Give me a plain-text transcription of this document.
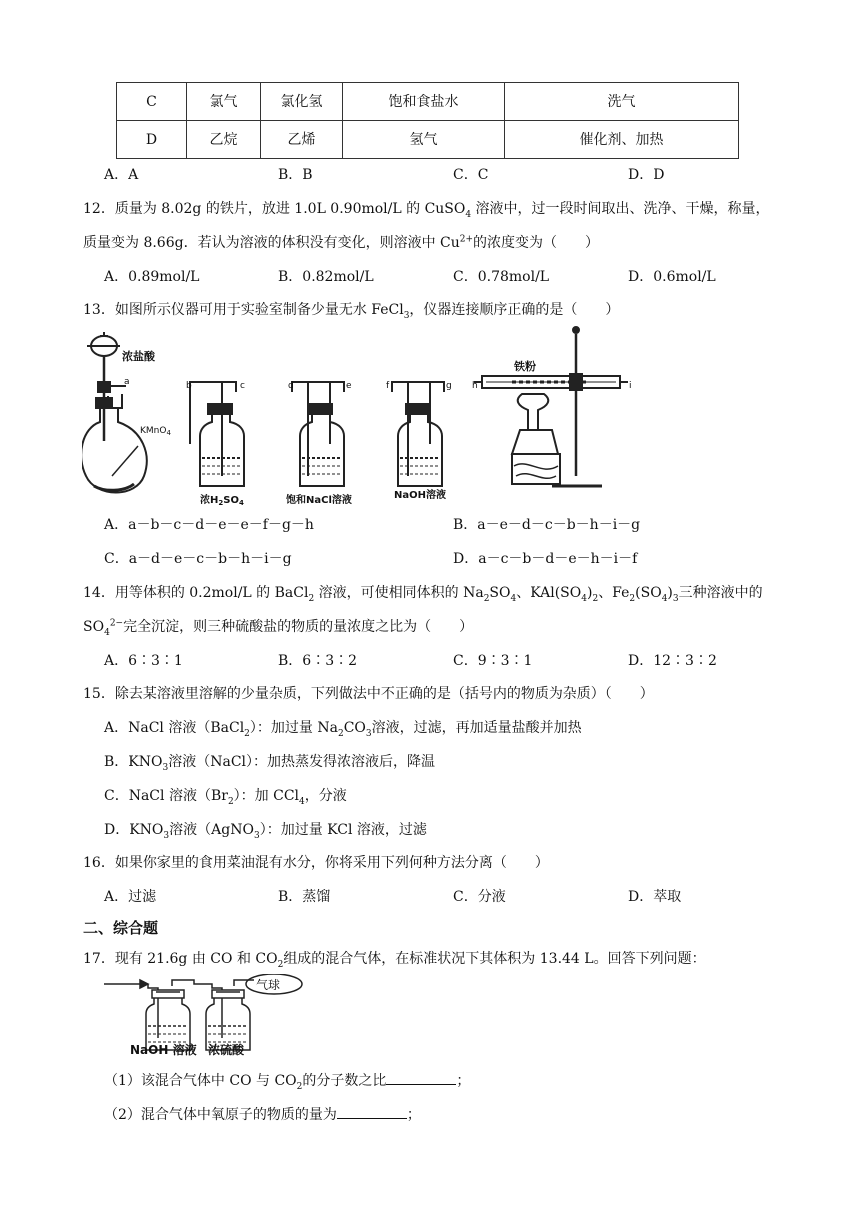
C	氯气	氯化氢	饱和食盐水	洗气
D	乙烷	乙烯	氢气	催化剂、加热
A．A	B．B	C．C	D．D
12．质量为 8.02g 的铁片，放进 1.0L 0.90mol/L 的 CuSO$_4$ 溶液中，过一段时间取出、洗净、干燥，称量，
质量变为 8.66g．若认为溶液的体积没有变化，则溶液中 $Cu^{2+}$的浓度变为（　　）
A．0.89mol/L	B．0.82mol/L	C．0.78mol/L	D．0.6mol/L
13．如图所示仪器可用于实验室制备少量无水 FeCl$_3$，仪器连接顺序正确的是（　　）
浓盐酸
a
KMnO$_4$
b	c
浓$H_2SO_4$
d	e
饱和NaCl溶液
f	g
NaOH溶液
铁粉
h	i
A．a－b－c－d－e－e－f－g－h	B．a－e－d－c－b－h－i－g
C．a－d－e－c－b－h－i－g	D．a－c－b－d－e－h－i－f
14．用等体积的 0.2mol/L 的 BaCl$_2$ 溶液，可使相同体积的 $Na_2SO_4$、$KAl(SO_4)_2$、$Fe_2(SO_4)_3$三种溶液中的
$SO_4^{2-}$完全沉淀，则三种硫酸盐的物质的量浓度之比为（　　）
A．6∶3∶1	B．6∶3∶2	C．9∶3∶1	D．12∶3∶2
15．除去某溶液里溶解的少量杂质，下列做法中不正确的是（括号内的物质为杂质）（　　）
A．NaCl 溶液（BaCl$_2$）：加过量 $Na_2CO_3$溶液，过滤，再加适量盐酸并加热
B．$KNO_3$溶液（NaCl）：加热蒸发得浓溶液后，降温
C．NaCl 溶液$(Br_2)$：加 CCl$_4$，分液
D．$KNO_3$溶液（AgNO$_3$）：加过量 KCl 溶液，过滤
16．如果你家里的食用菜油混有水分，你将采用下列何种方法分离（　　）
A．过滤	B．蒸馏	C．分液	D．萃取
二、综合题
17．现有 21.6g 由 CO 和 $CO_2$组成的混合气体，在标准状况下其体积为 13.44 L。回答下列问题：
气球
NaOH 溶液 浓硫酸
（1）该混合气体中 CO 与 $CO_2$的分子数之比	；
（2）混合气体中氧原子的物质的量为	；
